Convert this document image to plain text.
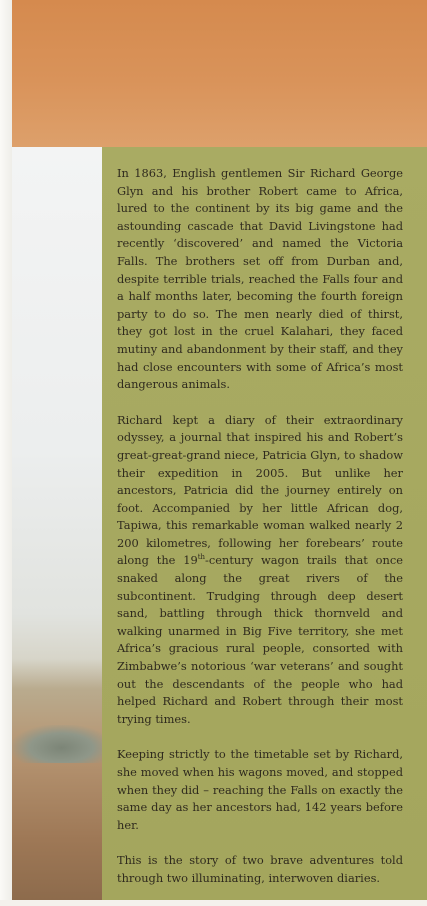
In 1863, English gentlemen Sir Richard George Glyn and his brother Robert came to Africa, lured to the continent by its big game and the astounding cascade that David Livingstone had recently ‘discovered’ and named the Victoria Falls. The brothers set off from Durban and, despite terrible trials, reached the Falls four and a half months later, becoming the fourth foreign party to do so. The men nearly died of thirst, they got lost in the cruel Kalahari, they faced mutiny and abandonment by their staff, and they had close encounters with some of Africa’s most dangerous animals.

Richard kept a diary of their extraordinary odyssey, a journal that inspired his and Robert’s great-great-grand niece, Patricia Glyn, to shadow their expedition in 2005. But unlike her ancestors, Patricia did the journey entirely on foot. Accompanied by her little African dog, Tapiwa, this remarkable woman walked nearly 2 200 kilometres, following her forebears’ route along the 19th-century wagon trails that once snaked along the great rivers of the subcontinent. Trudging through deep desert sand, battling through thick thornveld and walking unarmed in Big Five territory, she met Africa’s gracious rural people, consorted with Zimbabwe’s notorious ‘war veterans’ and sought out the descendants of the people who had helped Richard and Robert through their most trying times.

Keeping strictly to the timetable set by Richard, she moved when his wagons moved, and stopped when they did – reaching the Falls on exactly the same day as her ancestors had, 142 years before her.

This is the story of two brave adventures told through two illuminating, interwoven diaries.
